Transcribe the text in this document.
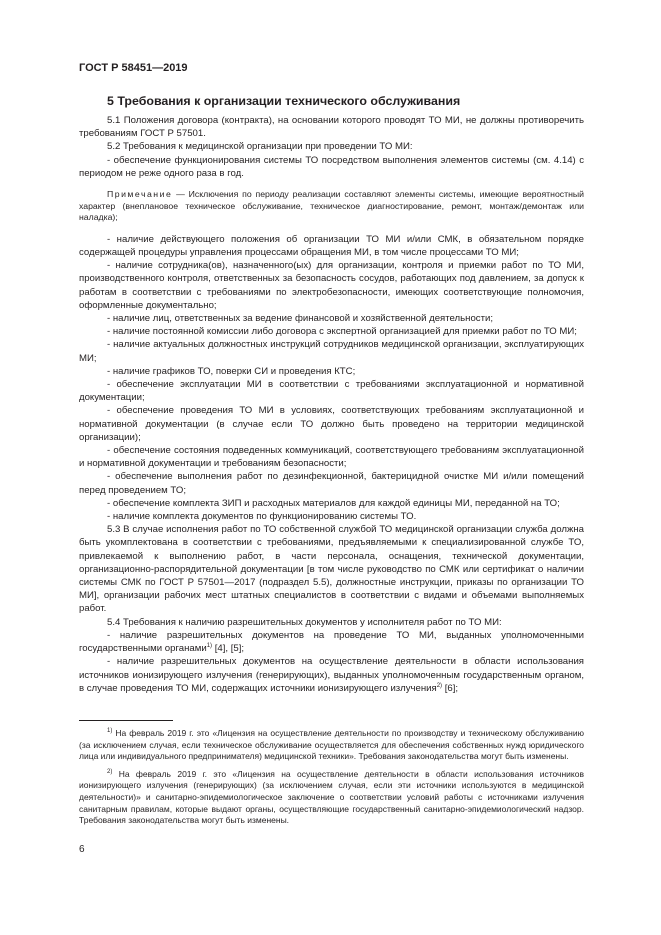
ГОСТ Р 58451—2019
5 Требования к организации технического обслуживания

5.1 Положения договора (контракта), на основании которого проводят ТО МИ, не должны противоречить требованиям ГОСТ Р 57501.

5.2 Требования к медицинской организации при проведении ТО МИ:

- обеспечение функционирования системы ТО посредством выполнения элементов системы (см. 4.14) с периодом не реже одного раза в год.

Примечание — Исключения по периоду реализации составляют элементы системы, имеющие вероятностный характер (внеплановое техническое обслуживание, техническое диагностирование, ремонт, монтаж/демонтаж или наладка);

- наличие действующего положения об организации ТО МИ и/или СМК, в обязательном порядке содержащей процедуры управления процессами обращения МИ, в том числе процессами ТО МИ;

- наличие сотрудника(ов), назначенного(ых) для организации, контроля и приемки работ по ТО МИ, производственного контроля, ответственных за безопасность сосудов, работающих под давлением, за допуск к работам в соответствии с требованиями по электробезопасности, имеющих соответствующие полномочия, оформленные документально;

- наличие лиц, ответственных за ведение финансовой и хозяйственной деятельности;

- наличие постоянной комиссии либо договора с экспертной организацией для приемки работ по ТО МИ;

- наличие актуальных должностных инструкций сотрудников медицинской организации, эксплуатирующих МИ;

- наличие графиков ТО, поверки СИ и проведения КТС;

- обеспечение эксплуатации МИ в соответствии с требованиями эксплуатационной и нормативной документации;

- обеспечение проведения ТО МИ в условиях, соответствующих требованиям эксплуатационной и нормативной документации (в случае если ТО должно быть проведено на территории медицинской организации);

- обеспечение состояния подведенных коммуникаций, соответствующего требованиям эксплуатационной и нормативной документации и требованиям безопасности;

- обеспечение выполнения работ по дезинфекционной, бактерицидной очистке МИ и/или помещений перед проведением ТО;

- обеспечение комплекта ЗИП и расходных материалов для каждой единицы МИ, переданной на ТО;

- наличие комплекта документов по функционированию системы ТО.

5.3 В случае исполнения работ по ТО собственной службой ТО медицинской организации служба должна быть укомплектована в соответствии с требованиями, предъявляемыми к специализированной службе ТО, привлекаемой к выполнению работ, в части персонала, оснащения, технической документации, организационно-распорядительной документации [в том числе руководство по СМК или сертификат о наличии системы СМК по ГОСТ Р 57501—2017 (подраздел 5.5), должностные инструкции, приказы по организации ТО МИ], организации рабочих мест штатных специалистов в соответствии с видами и объемами выполняемых работ.

5.4 Требования к наличию разрешительных документов у исполнителя работ по ТО МИ:

- наличие разрешительных документов на проведение ТО МИ, выданных уполномоченными государственными органами$^{1)}$ [4], [5];

- наличие разрешительных документов на осуществление деятельности в области использования источников ионизирующего излучения (генерирующих), выданных уполномоченным государственным органом, в случае проведения ТО МИ, содержащих источники ионизирующего излучения$^{2)}$ [6];

$^{1)}$ На февраль 2019 г. это «Лицензия на осуществление деятельности по производству и техническому обслуживанию (за исключением случая, если техническое обслуживание осуществляется для обеспечения собственных нужд юридического лица или индивидуального предпринимателя) медицинской техники». Требования законодательства могут быть изменены.

$^{2)}$ На февраль 2019 г. это «Лицензия на осуществление деятельности в области использования источников ионизирующего излучения (генерирующих) (за исключением случая, если эти источники используются в медицинской деятельности)» и санитарно-эпидемиологическое заключение о соответствии условий работы с источниками излучения санитарным правилам, которые выдают органы, осуществляющие государственный санитарно-эпидемиологический надзор. Требования законодательства могут быть изменены.

6
